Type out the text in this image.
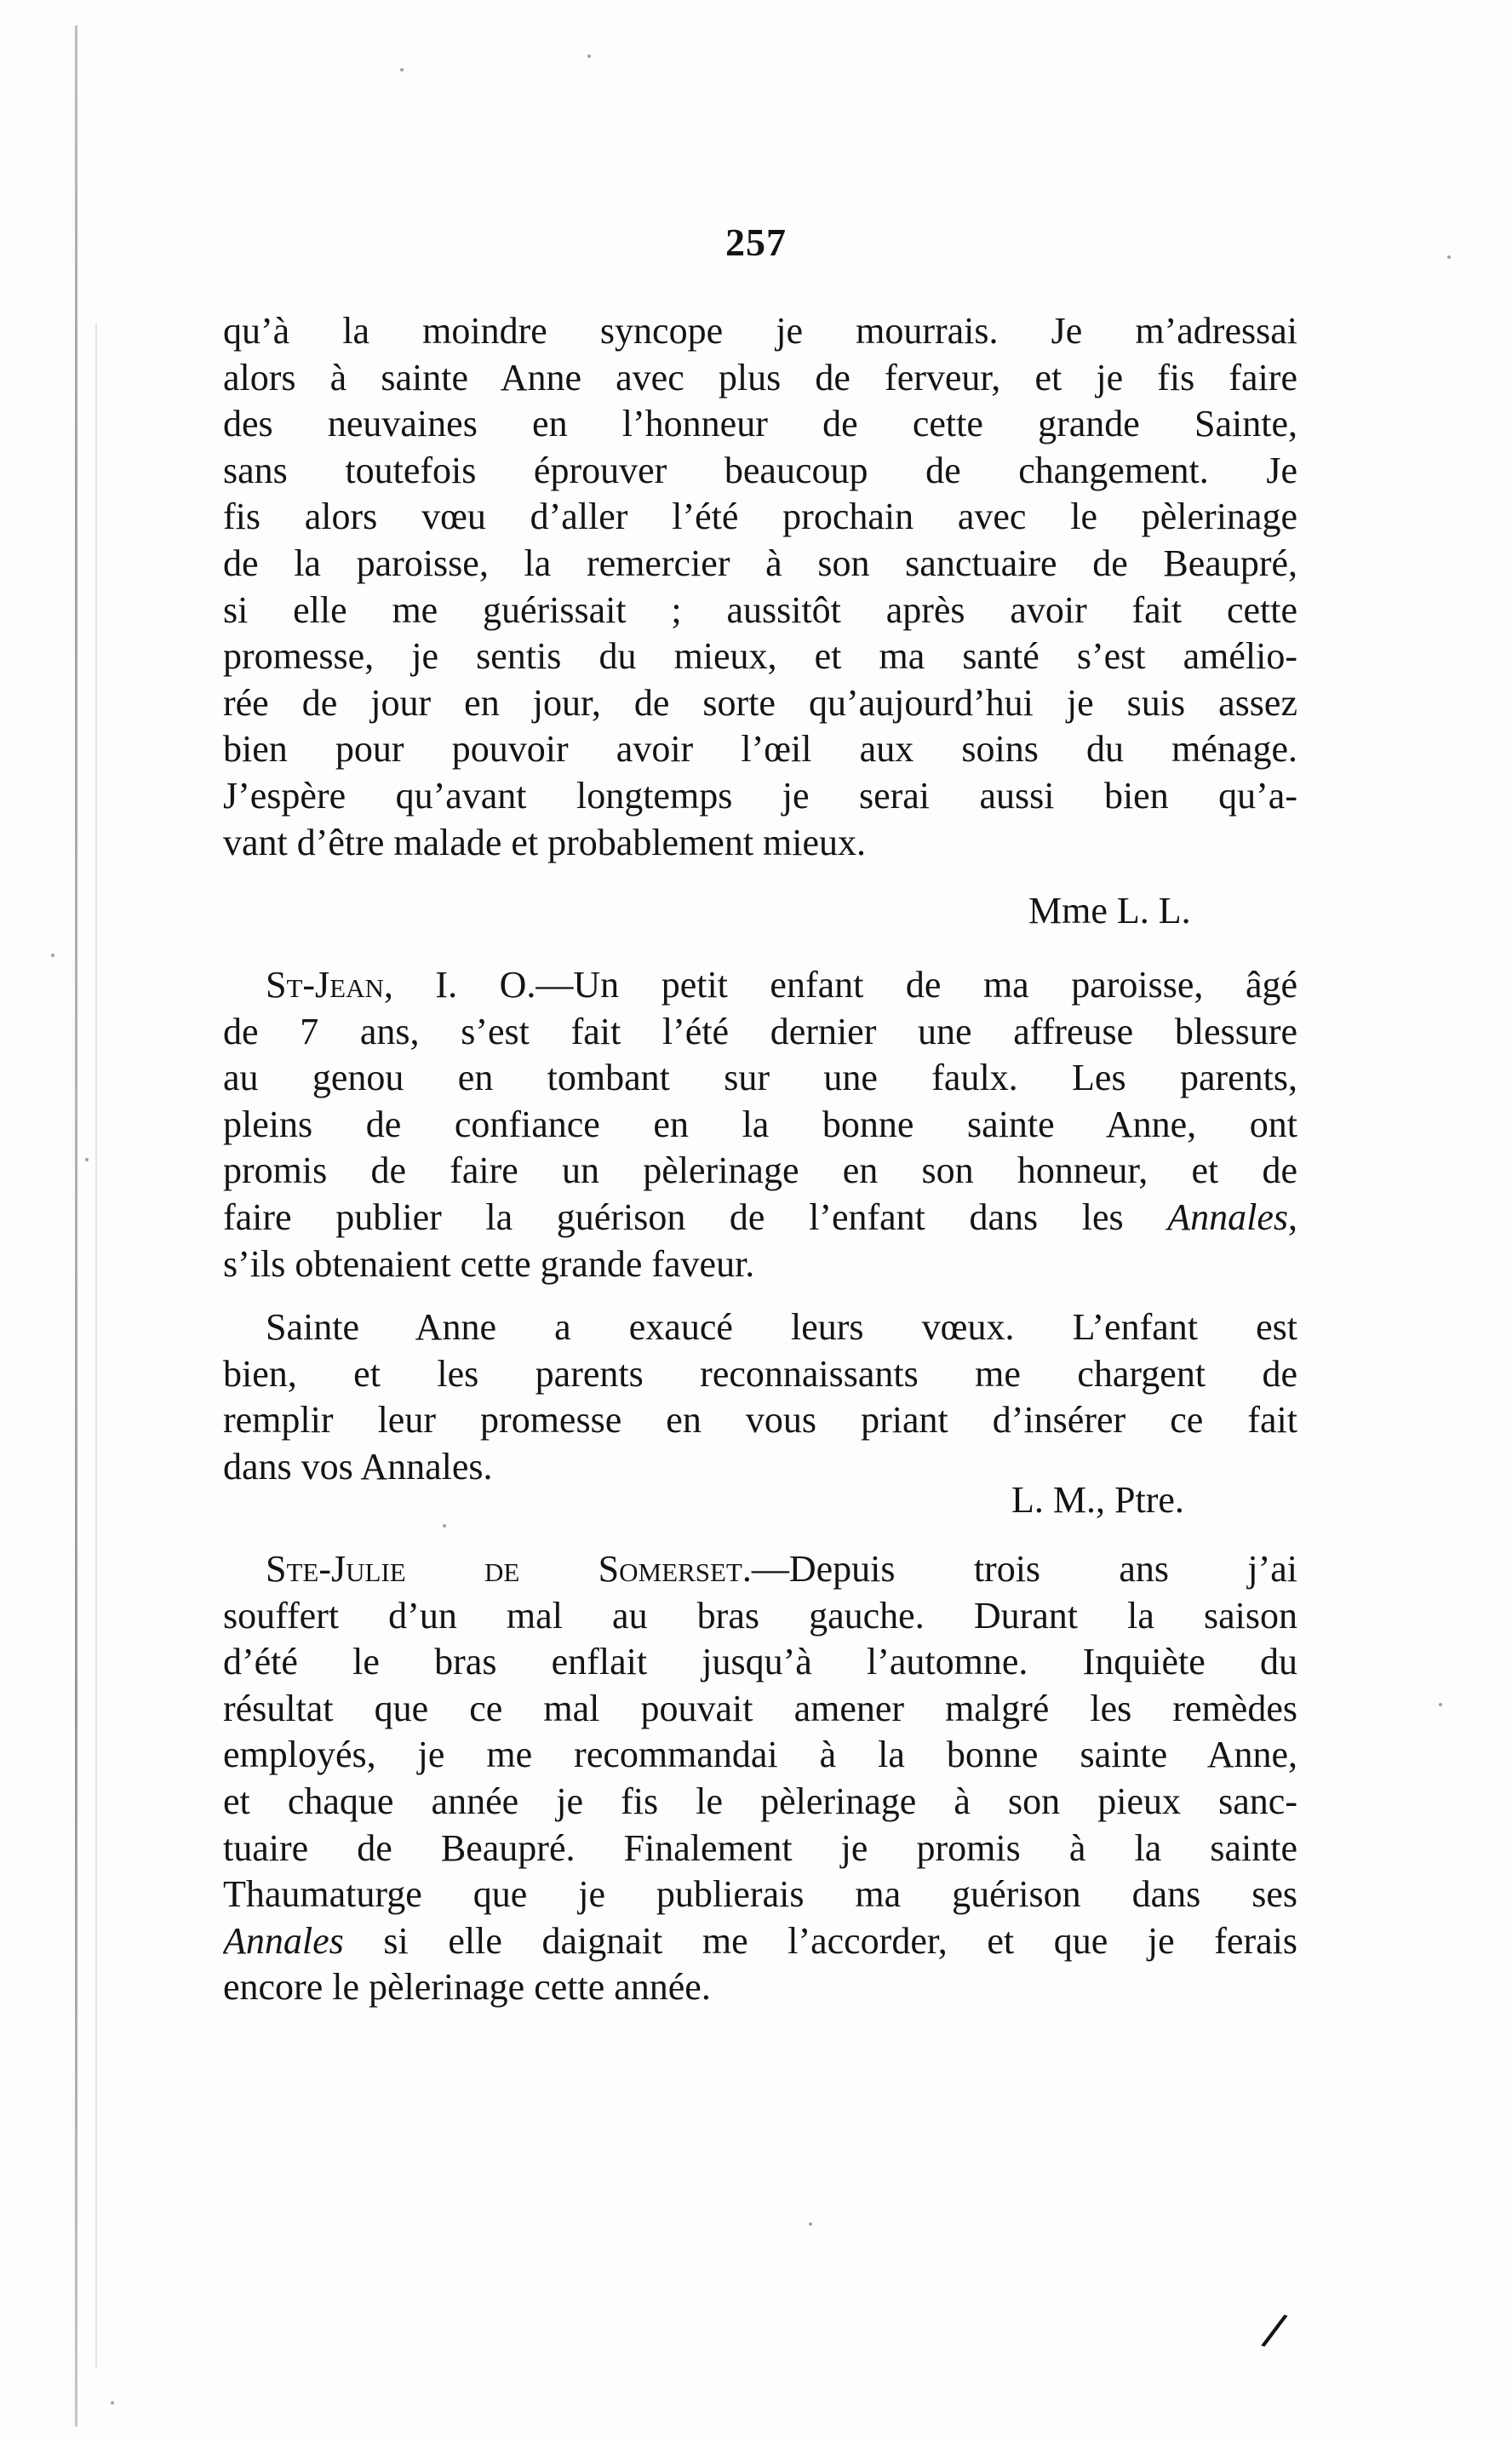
257
qu’à la moindre syncope je mourrais. Je m’adressai
alors à sainte Anne avec plus de ferveur, et je fis faire
des neuvaines en l’honneur de cette grande Sainte,
sans toutefois éprouver beaucoup de changement. Je
fis alors vœu d’aller l’été prochain avec le pèlerinage
de la paroisse, la remercier à son sanctuaire de Beaupré,
si elle me guérissait ; aussitôt après avoir fait cette
promesse, je sentis du mieux, et ma santé s’est amélio-
rée de jour en jour, de sorte qu’aujourd’hui je suis assez
bien pour pouvoir avoir l’œil aux soins du ménage.
J’espère qu’avant longtemps je serai aussi bien qu’a-
vant d’être malade et probablement mieux.
Mme L. L.
St-Jean, I. O.—Un petit enfant de ma paroisse, âgé
de 7 ans, s’est fait l’été dernier une affreuse blessure
au genou en tombant sur une faulx. Les parents,
pleins de confiance en la bonne sainte Anne, ont
promis de faire un pèlerinage en son honneur, et de
faire publier la guérison de l’enfant dans les Annales,
s’ils obtenaient cette grande faveur.
Sainte Anne a exaucé leurs vœux. L’enfant est
bien, et les parents reconnaissants me chargent de
remplir leur promesse en vous priant d’insérer ce fait
dans vos Annales.
L. M., Ptre.
Ste-Julie de Somerset.—Depuis trois ans j’ai
souffert d’un mal au bras gauche. Durant la saison
d’été le bras enflait jusqu’à l’automne. Inquiète du
résultat que ce mal pouvait amener malgré les remèdes
employés, je me recommandai à la bonne sainte Anne,
et chaque année je fis le pèlerinage à son pieux sanc-
tuaire de Beaupré. Finalement je promis à la sainte
Thaumaturge que je publierais ma guérison dans ses
Annales si elle daignait me l’accorder, et que je ferais
encore le pèlerinage cette année.
/
